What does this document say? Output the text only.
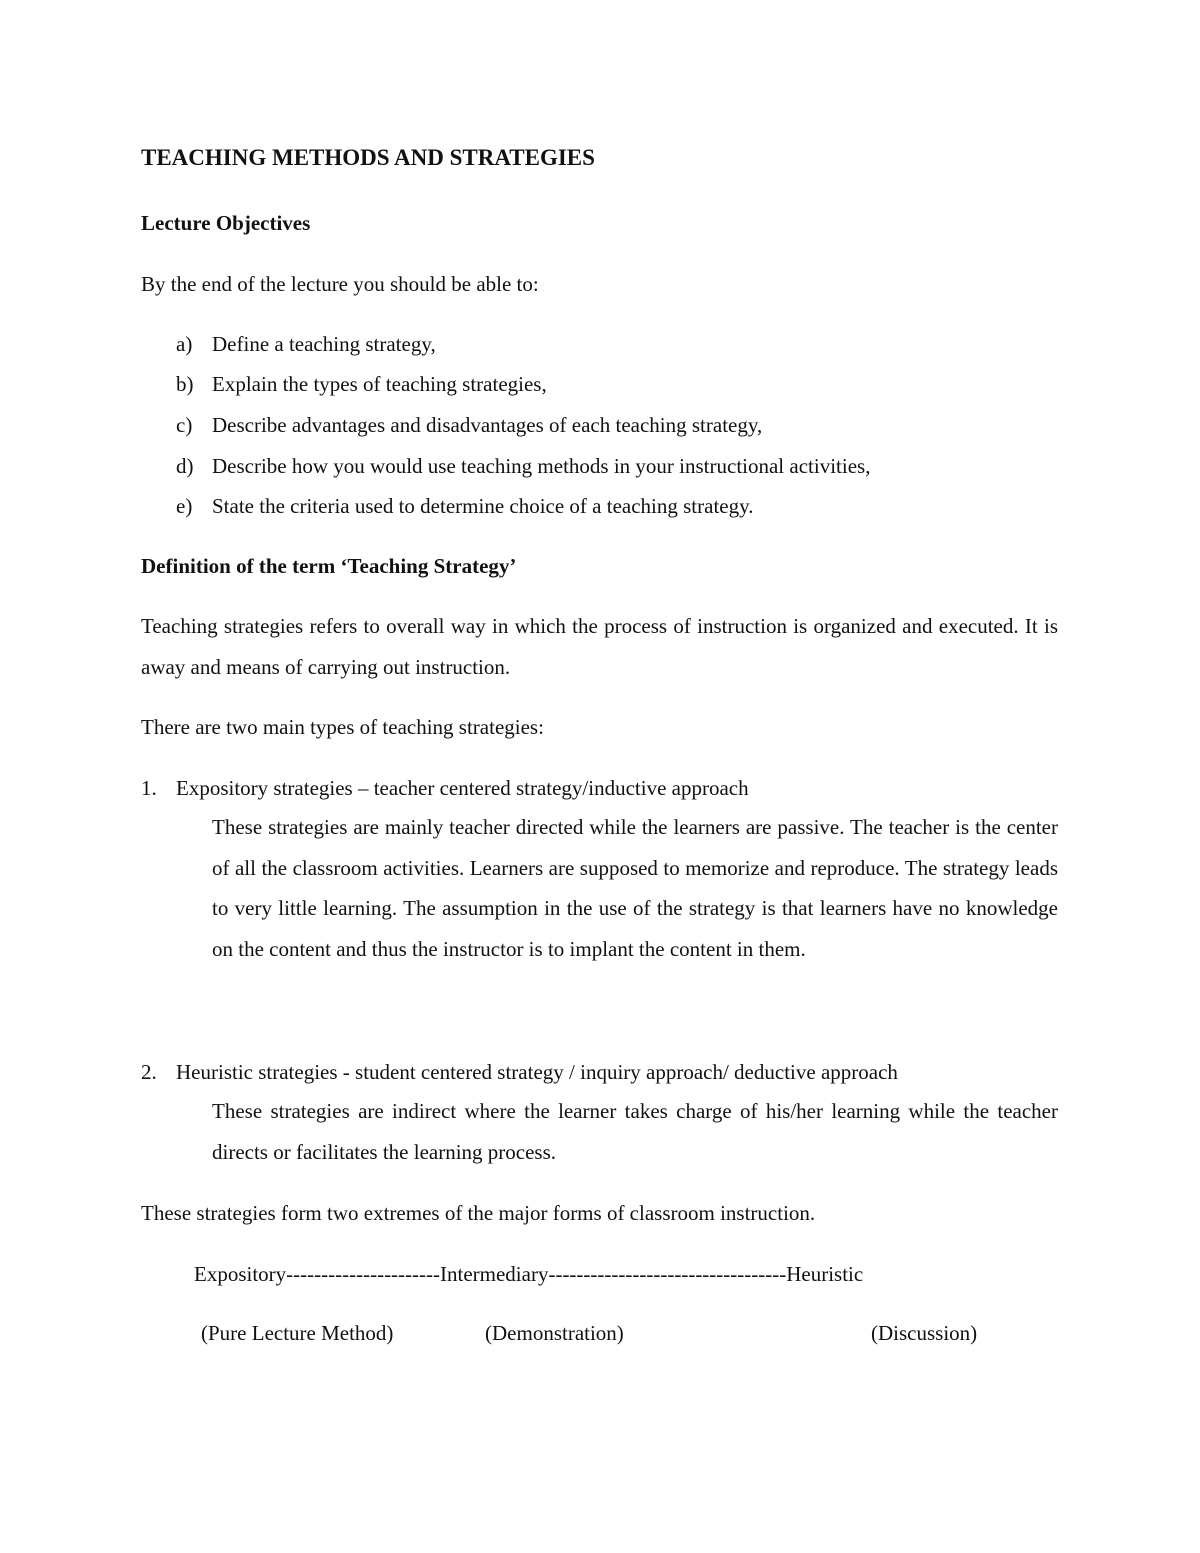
TEACHING METHODS AND STRATEGIES

Lecture Objectives

By the end of the lecture you should be able to:

a) Define a teaching strategy,
b) Explain the types of teaching strategies,
c) Describe advantages and disadvantages of each teaching strategy,
d) Describe how you would use teaching methods in your instructional activities,
e) State the criteria used to determine choice of a teaching strategy.

Definition of the term ‘Teaching Strategy’

Teaching strategies refers to overall way in which the process of instruction is organized and executed. It is away and means of carrying out instruction.

There are two main types of teaching strategies:

1. Expository strategies – teacher centered strategy/inductive approach

These strategies are mainly teacher directed while the learners are passive. The teacher is the center of all the classroom activities. Learners are supposed to memorize and reproduce. The strategy leads to very little learning. The assumption in the use of the strategy is that learners have no knowledge on the content and thus the instructor is to implant the content in them.

2. Heuristic strategies - student centered strategy / inquiry approach/ deductive approach

These strategies are indirect where the learner takes charge of his/her learning while the teacher directs or facilitates the learning process.

These strategies form two extremes of the major forms of classroom instruction.

Expository----------------------Intermediary----------------------------------Heuristic

(Pure Lecture Method)	(Demonstration)	(Discussion)
